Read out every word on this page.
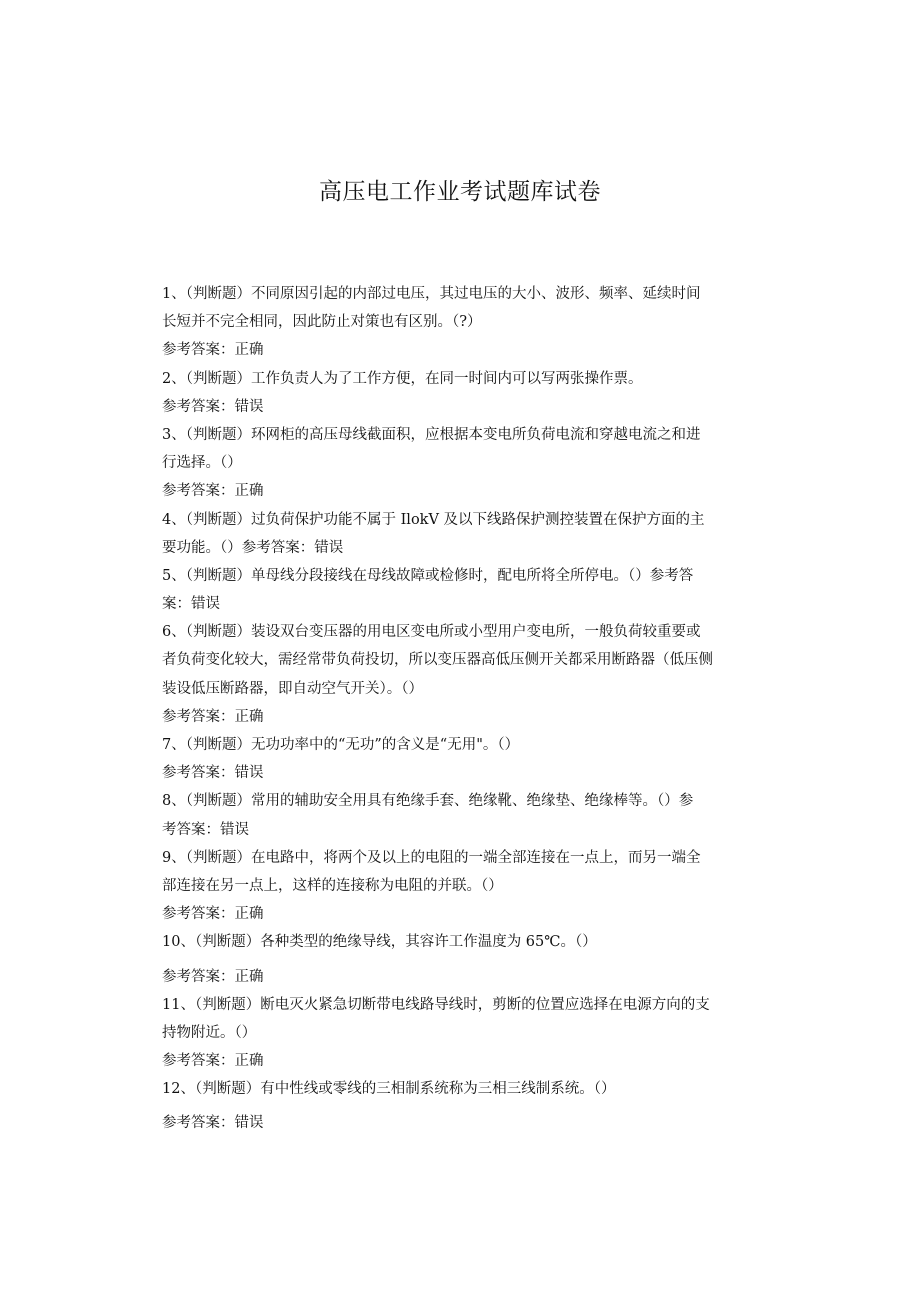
高压电工作业考试题库试卷
1、（判断题）不同原因引起的内部过电压，其过电压的大小、波形、频率、延续时间
长短并不完全相同，因此防止对策也有区别。（?）
参考答案：正确
2、（判断题）工作负责人为了工作方便，在同一时间内可以写两张操作票。
参考答案：错误
3、（判断题）环网柜的高压母线截面积，应根据本变电所负荷电流和穿越电流之和进
行选择。（）
参考答案：正确
4、（判断题）过负荷保护功能不属于 IlokV 及以下线路保护测控装置在保护方面的主
要功能。（）参考答案：错误
5、（判断题）单母线分段接线在母线故障或检修时，配电所将全所停电。（）参考答
案：错误
6、（判断题）装设双台变压器的用电区变电所或小型用户变电所，一般负荷较重要或
者负荷变化较大，需经常带负荷投切，所以变压器高低压侧开关都采用断路器（低压侧
装设低压断路器，即自动空气开关）。（）
参考答案：正确
7、（判断题）无功功率中的“无功”的含义是“无用"。（）
参考答案：错误
8、（判断题）常用的辅助安全用具有绝缘手套、绝缘靴、绝缘垫、绝缘棒等。（）参
考答案：错误
9、（判断题）在电路中，将两个及以上的电阻的一端全部连接在一点上，而另一端全
部连接在另一点上，这样的连接称为电阻的并联。（）
参考答案：正确
10、（判断题）各种类型的绝缘导线，其容许工作温度为 65℃。（）
参考答案：正确
11、（判断题）断电灭火紧急切断带电线路导线时，剪断的位置应选择在电源方向的支
持物附近。（）
参考答案：正确
12、（判断题）有中性线或零线的三相制系统称为三相三线制系统。（）
参考答案：错误
